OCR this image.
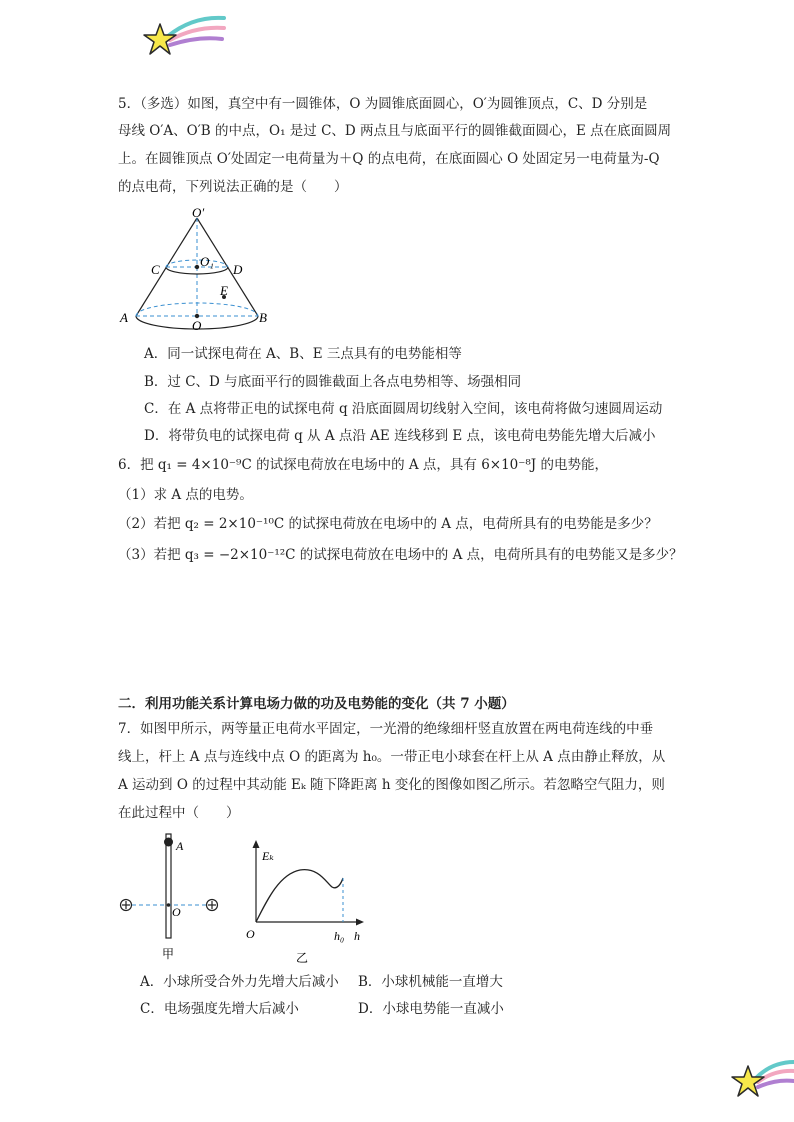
5．（多选）如图，真空中有一圆锥体，O 为圆锥底面圆心，O′为圆锥顶点，C、D 分别是
母线 O′A、O′B 的中点，O₁ 是过 C、D 两点且与底面平行的圆锥截面圆心，E 点在底面圆周
上。在圆锥顶点 O′处固定一电荷量为＋Q 的点电荷，在底面圆心 O 处固定另一电荷量为-Q
的点电荷，下列说法正确的是（　　）
O′
C
O₁
D
E
A
O
B
A．同一试探电荷在 A、B、E 三点具有的电势能相等
B．过 C、D 与底面平行的圆锥截面上各点电势相等、场强相同
C．在 A 点将带正电的试探电荷 q 沿底面圆周切线射入空间，该电荷将做匀速圆周运动
D．将带负电的试探电荷 q 从 A 点沿 AE 连线移到 E 点，该电荷电势能先增大后减小
6．把 q₁ = 4×10⁻⁹C 的试探电荷放在电场中的 A 点，具有 6×10⁻⁸J 的电势能，
（1）求 A 点的电势。
（2）若把 q₂ = 2×10⁻¹⁰C 的试探电荷放在电场中的 A 点，电荷所具有的电势能是多少？
（3）若把 q₃ = −2×10⁻¹²C 的试探电荷放在电场中的 A 点，电荷所具有的电势能又是多少？
二．利用功能关系计算电场力做的功及电势能的变化（共 7 小题）
7．如图甲所示，两等量正电荷水平固定，一光滑的绝缘细杆竖直放置在两电荷连线的中垂
线上，杆上 A 点与连线中点 O 的距离为 h₀。一带正电小球套在杆上从 A 点由静止释放，从
A 运动到 O 的过程中其动能 Eₖ 随下降距离 h 变化的图像如图乙所示。若忽略空气阻力，则
在此过程中（　　）
A
O
甲
Eₖ
O	h₀ h
乙
A．小球所受合外力先增大后减小 B．小球机械能一直增大
C．电场强度先增大后减小	D．小球电势能一直减小
